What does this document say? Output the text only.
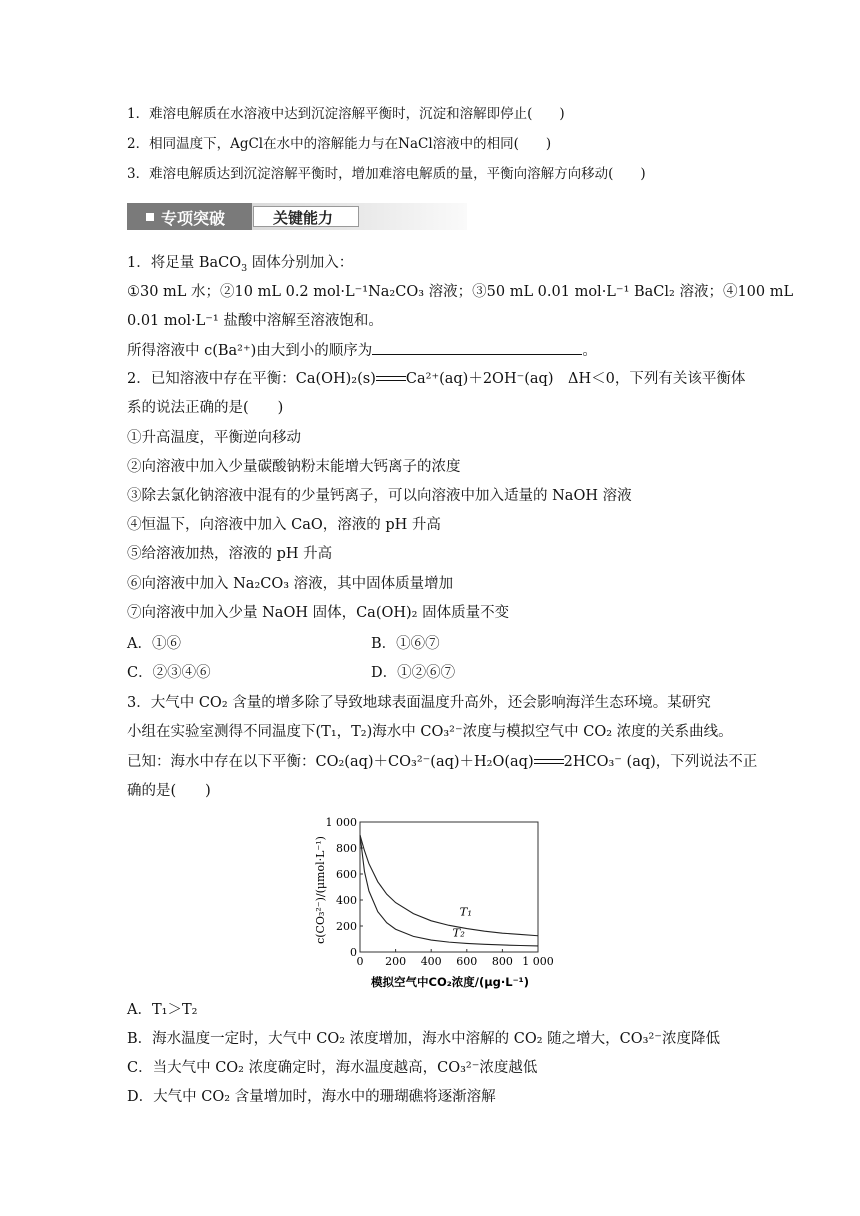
1．难溶电解质在水溶液中达到沉淀溶解平衡时，沉淀和溶解即停止(　　)
2．相同温度下，AgCl在水中的溶解能力与在NaCl溶液中的相同(　　)
3．难溶电解质达到沉淀溶解平衡时，增加难溶电解质的量，平衡向溶解方向移动(　　)
专项突破	关键能力
1．将足量 BaCO$_3$ 固体分别加入：
①30 mL 水；②10 mL 0.2 mol·L⁻¹Na₂CO₃ 溶液；③50 mL 0.01 mol·L⁻¹ BaCl₂ 溶液；④100 mL
0.01 mol·L⁻¹ 盐酸中溶解至溶液饱和。
所得溶液中 c(Ba²⁺)由大到小的顺序为	。
2．已知溶液中存在平衡：Ca(OH)₂(s) Ca²⁺(aq)＋2OH⁻(aq)　ΔH＜0，下列有关该平衡体
系的说法正确的是(　　)
①升高温度，平衡逆向移动
②向溶液中加入少量碳酸钠粉末能增大钙离子的浓度
③除去氯化钠溶液中混有的少量钙离子，可以向溶液中加入适量的 NaOH 溶液
④恒温下，向溶液中加入 CaO，溶液的 pH 升高
⑤给溶液加热，溶液的 pH 升高
⑥向溶液中加入 Na₂CO₃ 溶液，其中固体质量增加
⑦向溶液中加入少量 NaOH 固体，Ca(OH)₂ 固体质量不变
A．①⑥	B．①⑥⑦
C．②③④⑥	D．①②⑥⑦
3．大气中 CO₂ 含量的增多除了导致地球表面温度升高外，还会影响海洋生态环境。某研究
小组在实验室测得不同温度下(T₁，T₂)海水中 CO₃²⁻浓度与模拟空气中 CO₂ 浓度的关系曲线。
已知：海水中存在以下平衡：CO₂(aq)＋CO₃²⁻(aq)＋H₂O(aq) 2HCO₃⁻ (aq)，下列说法不正
确的是(　　)
T₁
T₂
0 200 400 600 800 1 000
0
200
400
600
800
1 000
模拟空气中CO₂浓度/(μg·L⁻¹)
c(CO₃²⁻)/(μmol·L⁻¹)
A．T₁＞T₂
B．海水温度一定时，大气中 CO₂ 浓度增加，海水中溶解的 CO₂ 随之增大，CO₃²⁻浓度降低
C．当大气中 CO₂ 浓度确定时，海水温度越高，CO₃²⁻浓度越低
D．大气中 CO₂ 含量增加时，海水中的珊瑚礁将逐渐溶解
